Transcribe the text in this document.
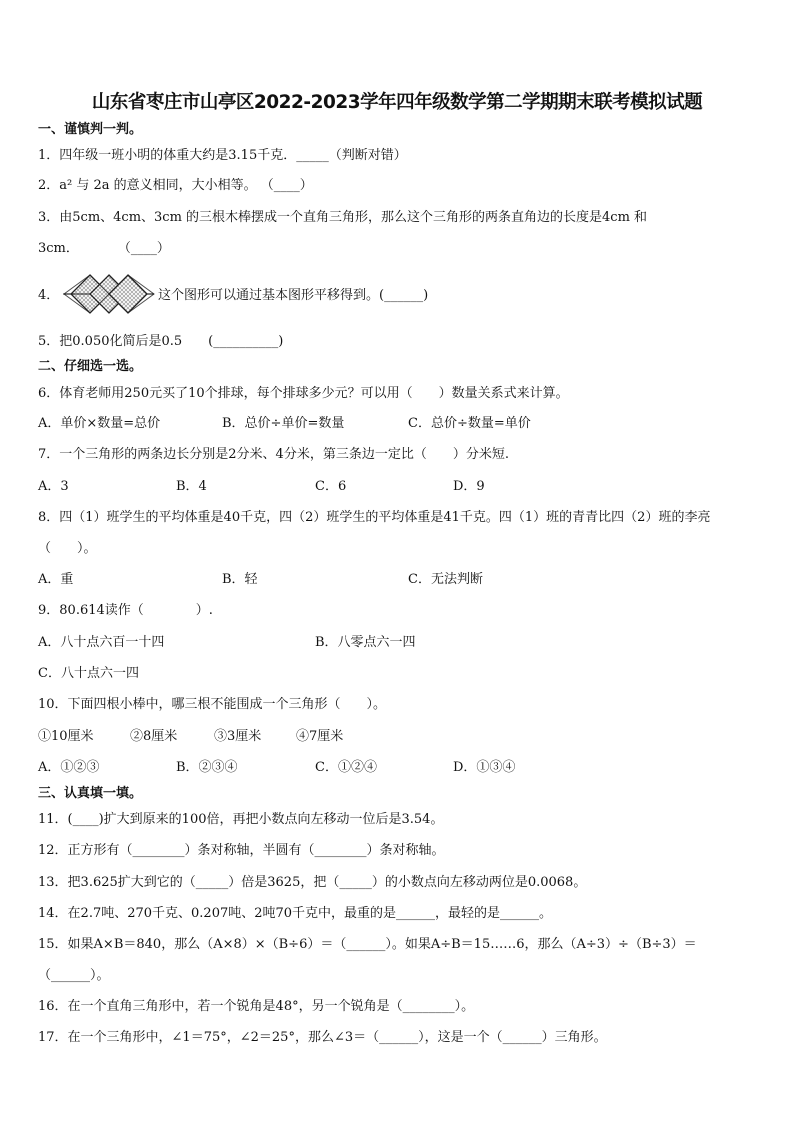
山东省枣庄市山亭区2022-2023学年四年级数学第二学期期末联考模拟试题
一、谨慎判一判。
1．四年级一班小明的体重大约是3.15千克．_____（判断对错）
2．a² 与 2a 的意义相同，大小相等。 （____）
3．由5cm、4cm、3cm 的三根木棒摆成一个直角三角形，那么这个三角形的两条直角边的长度是4cm 和
3cm．　　　　（____）
4．	这个图形可以通过基本图形平移得到。(______)
5．把0.050化简后是0.5　　(__________)
二、仔细选一选。
6．体育老师用250元买了10个排球，每个排球多少元？可以用（　　）数量关系式来计算。
A．单价×数量=总价	B．总价÷单价=数量	C．总价÷数量=单价
7．一个三角形的两条边长分别是2分米、4分米，第三条边一定比（　　）分米短.
A．3	B．4	C．6	D．9
8．四（1）班学生的平均体重是40千克，四（2）班学生的平均体重是41千克。四（1）班的青青比四（2）班的李亮
（　　）。
A．重	B．轻	C．无法判断
9．80.614读作（　　　　）.
A．八十点六百一十四	B．八零点六一四
C．八十点六一四
10．下面四根小棒中，哪三根不能围成一个三角形（　　）。
①10厘米	②8厘米	③3厘米	④7厘米
A．①②③	B．②③④	C．①②④	D．①③④
三、认真填一填。
11．(____)扩大到原来的100倍，再把小数点向左移动一位后是3.54。
12．正方形有（________）条对称轴，半圆有（________）条对称轴。
13．把3.625扩大到它的（_____）倍是3625，把（_____）的小数点向左移动两位是0.0068。
14．在2.7吨、270千克、0.207吨、2吨70千克中，最重的是______，最轻的是______。
15．如果A×B＝840，那么（A×8）×（B÷6）＝（______）。如果A÷B＝15……6，那么（A÷3）÷（B÷3）＝
（______）。
16．在一个直角三角形中，若一个锐角是48°，另一个锐角是（________）。
17．在一个三角形中，∠1＝75°，∠2＝25°，那么∠3＝（______），这是一个（______）三角形。
